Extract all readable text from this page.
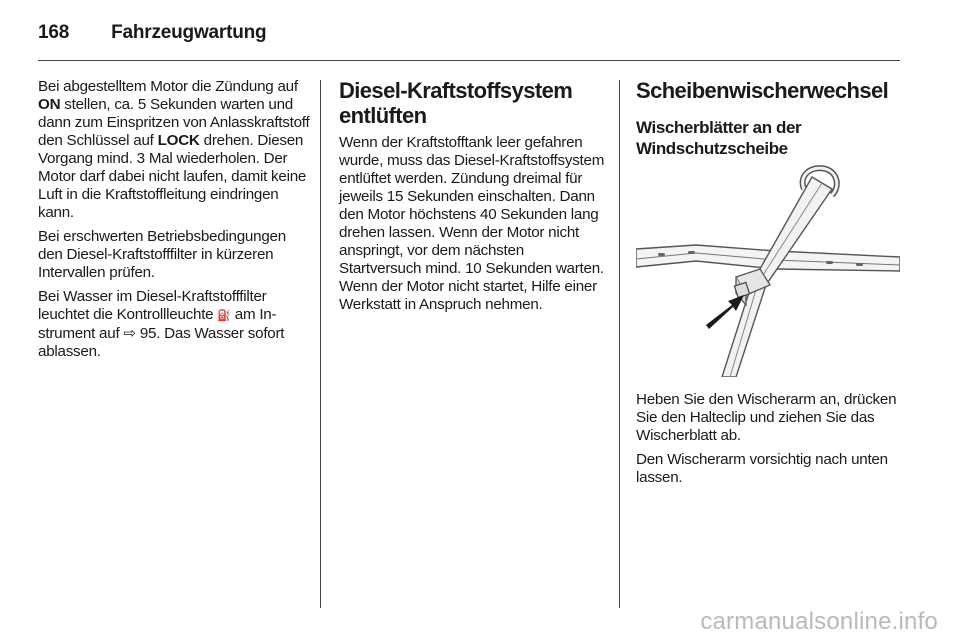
168 Fahrzeugwartung

Bei abgestelltem Motor die Zündung auf ON stellen, ca. 5 Sekunden warten und dann zum Einspritzen von Anlasskraftstoff den Schlüssel auf LOCK drehen. Diesen Vorgang mind. 3 Mal wiederholen. Der Motor darf dabei nicht laufen, damit keine Luft in die Kraftstoffleitung eindringen kann.

Bei erschwerten Betriebsbedingungen den Diesel-Kraftstofffilter in kürzeren Intervallen prüfen.

Bei Wasser im Diesel-Kraftstofffilter leuchtet die Kontrollleuchte ⛽ am Instrument auf ⇨ 95. Das Wasser sofort ablassen.

Diesel-Kraftstoffsystem entlüften

Wenn der Kraftstofftank leer gefahren wurde, muss das Diesel-Kraftstoffsystem entlüftet werden. Zündung dreimal für jeweils 15 Sekunden einschalten. Dann den Motor höchstens 40 Sekunden lang drehen lassen. Wenn der Motor nicht anspringt, vor dem nächsten Startversuch mind. 10 Sekunden warten. Wenn der Motor nicht startet, Hilfe einer Werkstatt in Anspruch nehmen.

Scheibenwischerwechsel
Wischerblätter an der Windschutzscheibe

Heben Sie den Wischerarm an, drücken Sie den Halteclip und ziehen Sie das Wischerblatt ab.

Den Wischerarm vorsichtig nach unten lassen.

carmanualsonline.info
